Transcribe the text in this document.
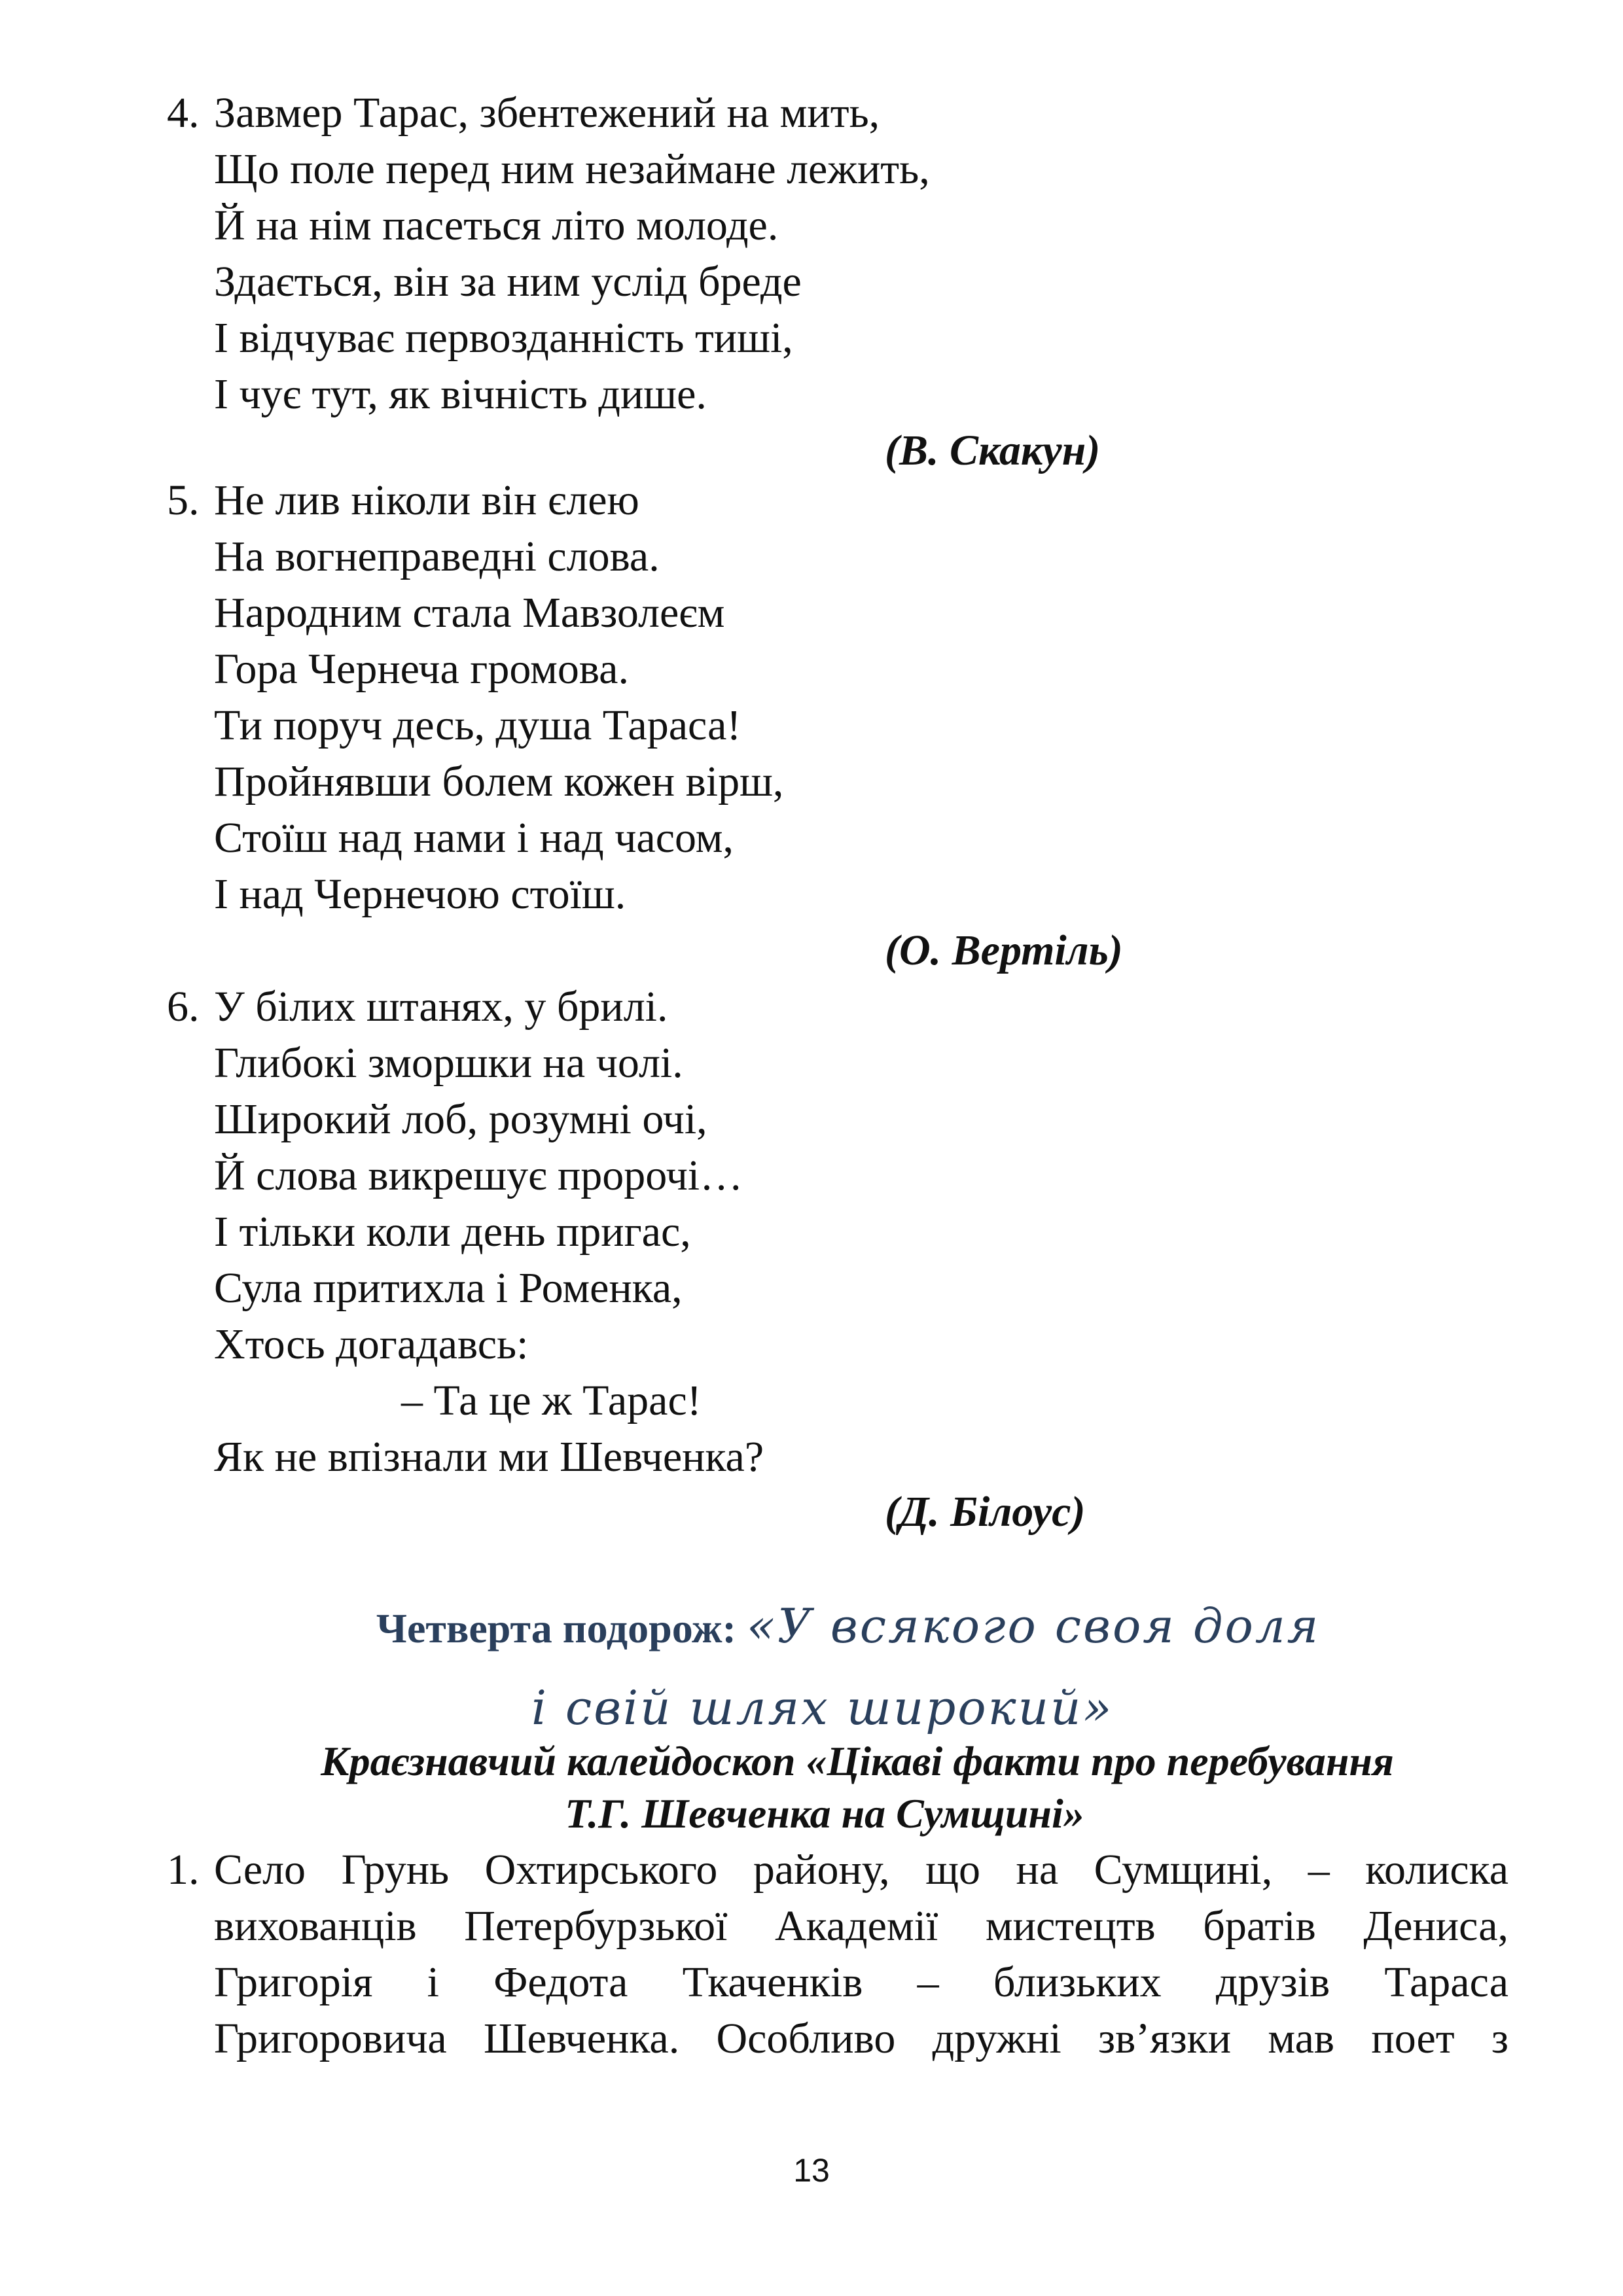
4. Завмер Тарас, збентежений на мить,
Що поле перед ним незаймане лежить,
Й на нім пасеться літо молоде.
Здається, він за ним услід бреде
І відчуває первозданність тиші,
І чує тут, як вічність дише.
(В. Скакун)
5. Не лив ніколи він єлею
На вогнеправедні слова.
Народним стала Мавзолеєм
Гора Чернеча громова.
Ти поруч десь, душа Тараса!
Пройнявши болем кожен вірш,
Стоїш над нами і над часом,
І над Чернечою стоїш.
(О. Вертіль)
6. У білих штанях, у брилі.
Глибокі зморшки на чолі.
Широкий лоб, розумні очі,
Й слова викрешує пророчі…
І тільки коли день пригас,
Сула притихла і Роменка,
Хтось догадавсь:
– Та це ж Тарас!
Як не впізнали ми Шевченка?
(Д. Білоус)
Четверта подорож: «У всякого своя доля
і свій шлях широкий»
Краєзнавчий калейдоскоп «Цікаві факти про перебування
Т.Г. Шевченка на Сумщині»
1. Село Грунь Охтирського району, що на Сумщині, – колиска
вихованців Петербурзької Академії мистецтв братів Дениса,
Григорія і Федота Ткаченків – близьких друзів Тараса
Григоровича Шевченка. Особливо дружні зв’язки мав поет з
13
